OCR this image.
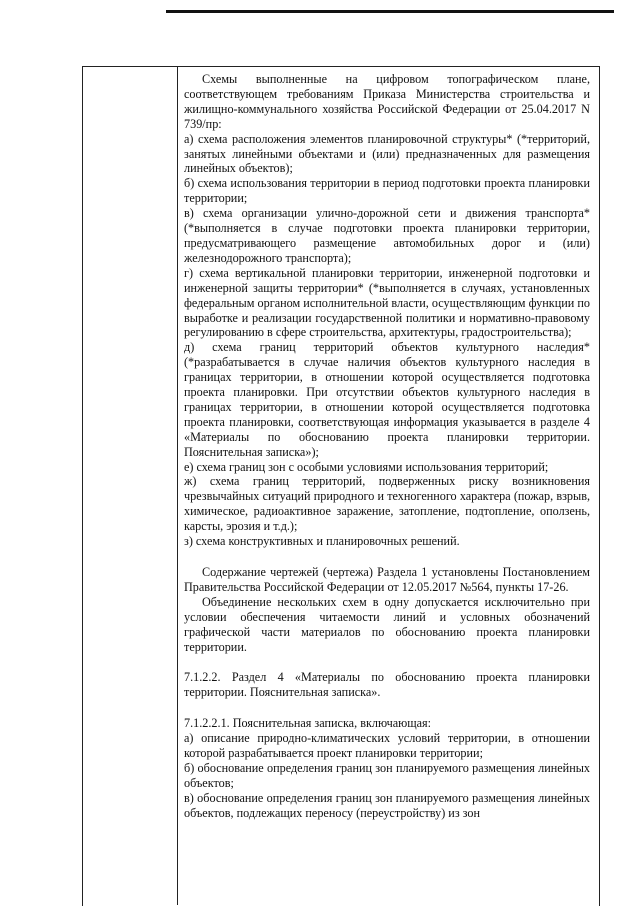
Схемы выполненные на цифровом топографическом плане, соответствующем требованиям Приказа Министерства строительства и жилищно-коммунального хозяйства Российской Федерации от 25.04.2017 N 739/пр:

а) схема расположения элементов планировочной структуры* (*территорий, занятых линейными объектами и (или) предназначенных для размещения линейных объектов);

б) схема использования территории в период подготовки проекта планировки территории;

в) схема организации улично-дорожной сети и движения транспорта* (*выполняется в случае подготовки проекта планировки территории, предусматривающего размещение автомобильных дорог и (или) железнодорожного транспорта);

г) схема вертикальной планировки территории, инженерной подготовки и инженерной защиты территории* (*выполняется в случаях, установленных федеральным органом исполнительной власти, осуществляющим функции по выработке и реализации государственной политики и нормативно-правовому регулированию в сфере строительства, архитектуры, градостроительства);

д) схема границ территорий объектов культурного наследия* (*разрабатывается в случае наличия объектов культурного наследия в границах территории, в отношении которой осуществляется подготовка проекта планировки. При отсутствии объектов культурного наследия в границах территории, в отношении которой осуществляется подготовка проекта планировки, соответствующая информация указывается в разделе 4 «Материалы по обоснованию проекта планировки территории. Пояснительная записка»);

е) схема границ зон с особыми условиями использования территорий;

ж) схема границ территорий, подверженных риску возникновения чрезвычайных ситуаций природного и техногенного характера (пожар, взрыв, химическое, радиоактивное заражение, затопление, подтопление, оползень, карсты, эрозия и т.д.);

з) схема конструктивных и планировочных решений.

Содержание чертежей (чертежа) Раздела 1 установлены Постановлением Правительства Российской Федерации от 12.05.2017 №564, пункты 17-26.

Объединение нескольких схем в одну допускается исключительно при условии обеспечения читаемости линий и условных обозначений графической части материалов по обоснованию проекта планировки территории.

7.1.2.2. Раздел 4 «Материалы по обоснованию проекта планировки территории. Пояснительная записка».

7.1.2.2.1. Пояснительная записка, включающая:

а) описание природно-климатических условий территории, в отношении которой разрабатывается проект планировки территории;

б) обоснование определения границ зон планируемого размещения линейных объектов;

в) обоснование определения границ зон планируемого размещения линейных объектов, подлежащих переносу (переустройству) из зон
